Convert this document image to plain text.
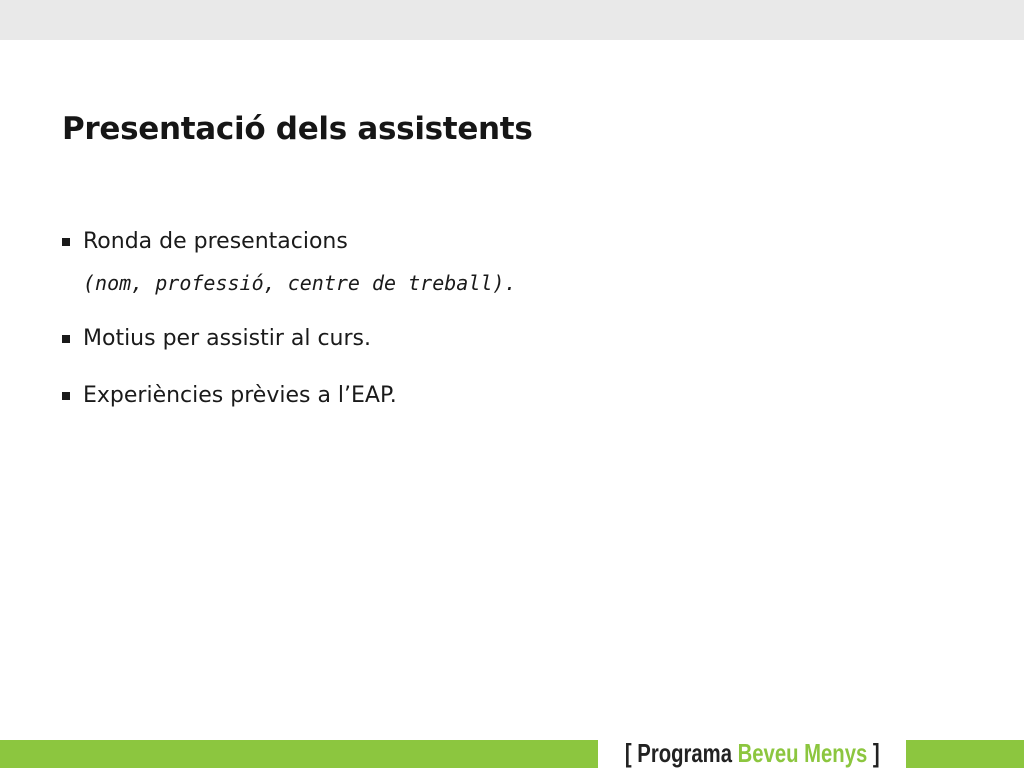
Presentació dels assistents
Ronda de presentacions
(nom, professió, centre de treball).
Motius per assistir al curs.
Experiències prèvies a l’EAP.
[ Programa Beveu Menys ]
